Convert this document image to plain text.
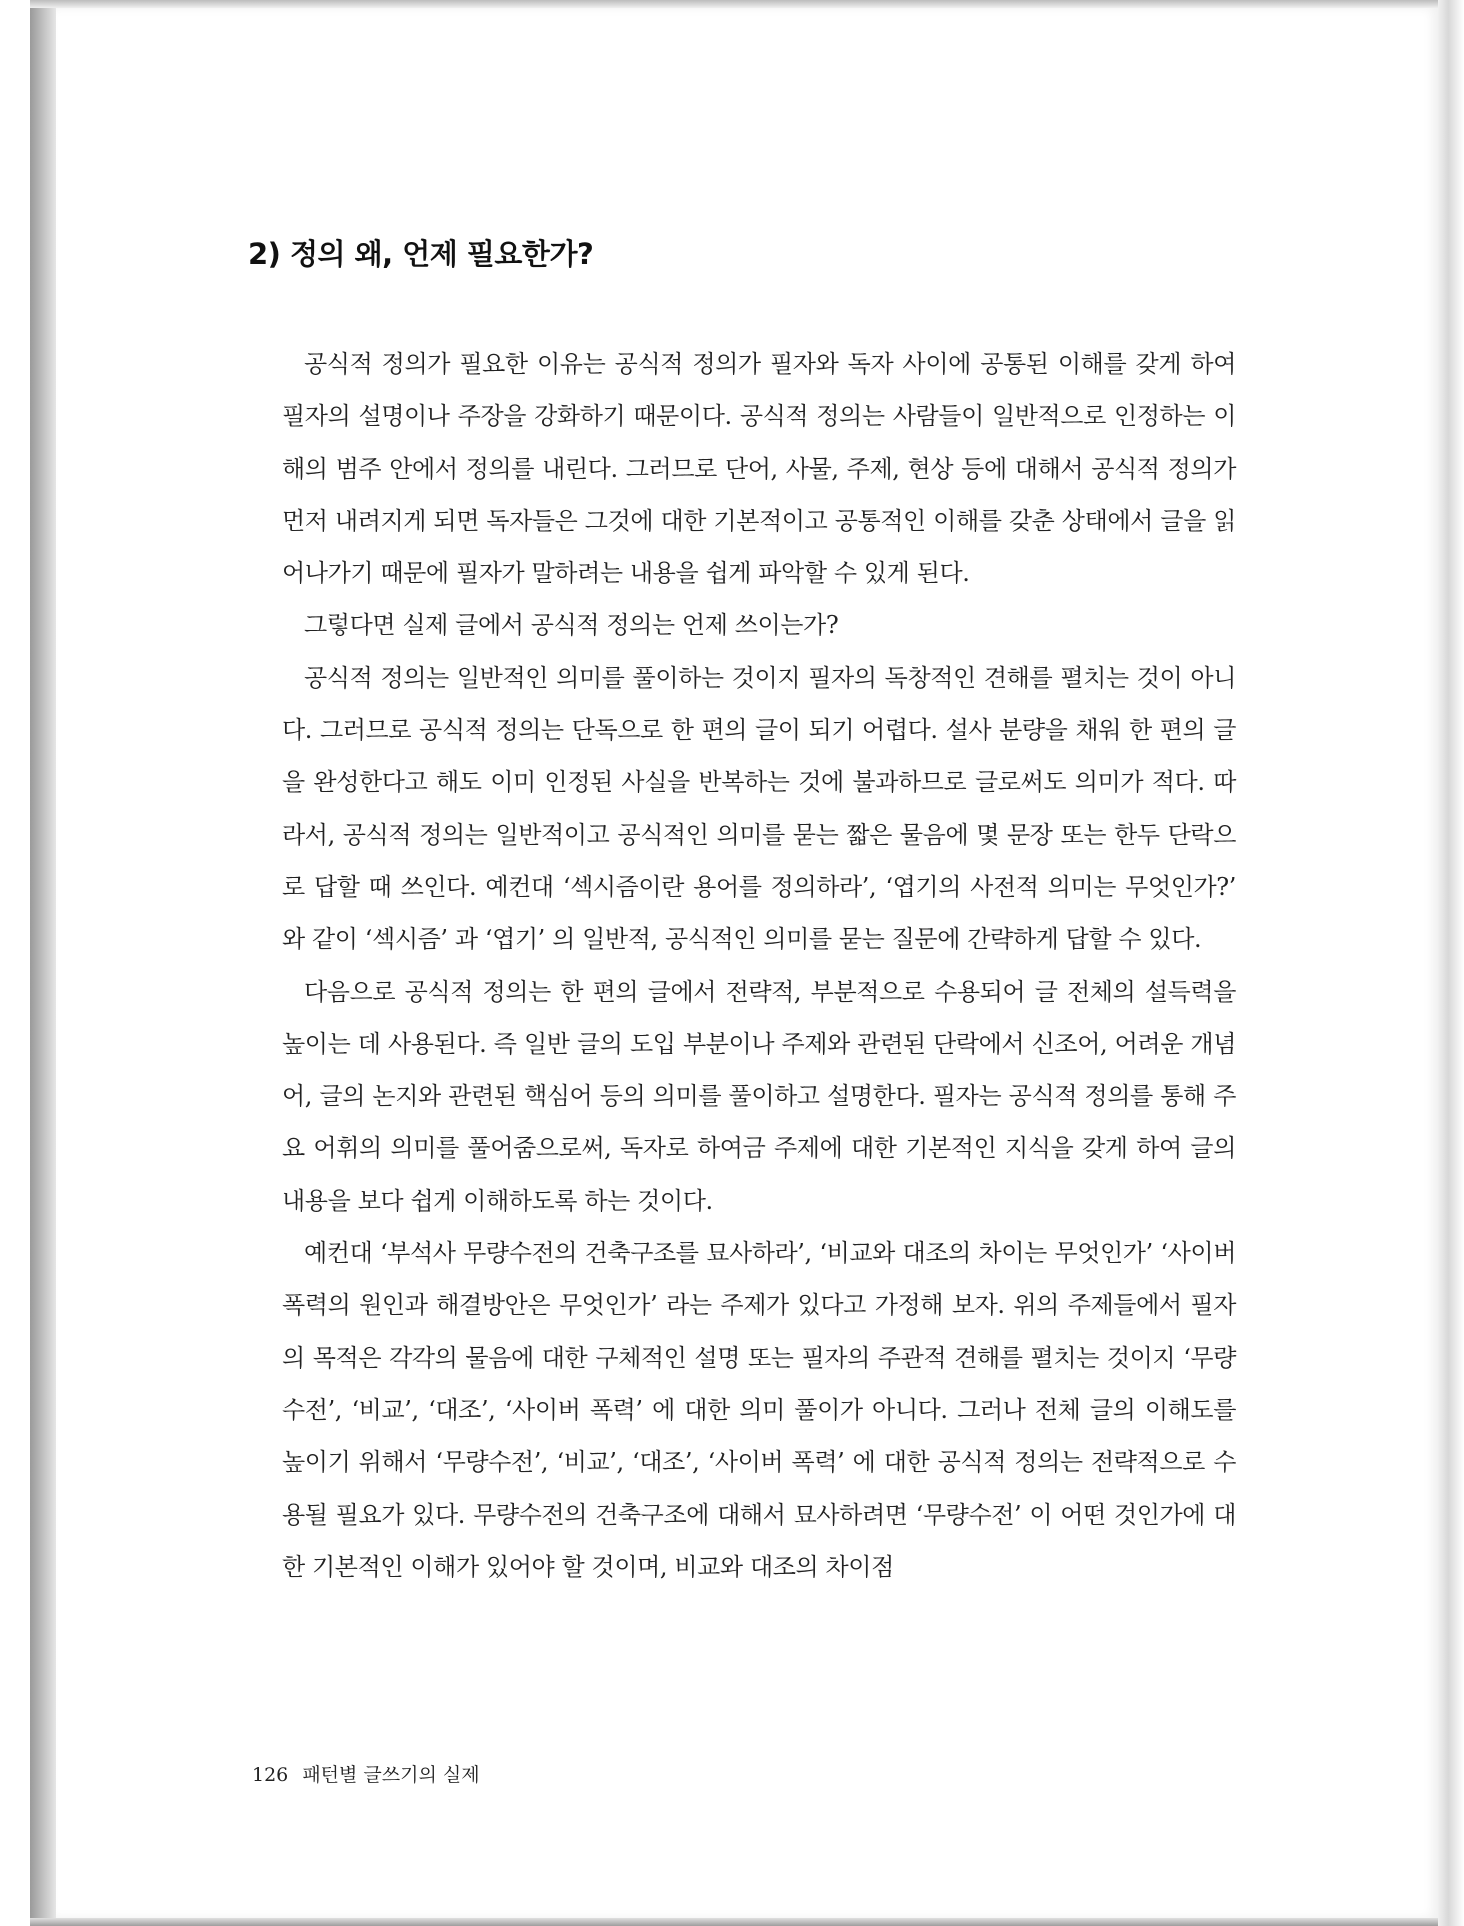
2) 정의 왜, 언제 필요한가?

공식적 정의가 필요한 이유는 공식적 정의가 필자와 독자 사이에 공통된 이해를 갖게 하여 필자의 설명이나 주장을 강화하기 때문이다. 공식적 정의는 사람들이 일반적으로 인정하는 이해의 범주 안에서 정의를 내린다. 그러므로 단어, 사물, 주제, 현상 등에 대해서 공식적 정의가 먼저 내려지게 되면 독자들은 그것에 대한 기본적이고 공통적인 이해를 갖춘 상태에서 글을 읽어나가기 때문에 필자가 말하려는 내용을 쉽게 파악할 수 있게 된다.

그렇다면 실제 글에서 공식적 정의는 언제 쓰이는가?

공식적 정의는 일반적인 의미를 풀이하는 것이지 필자의 독창적인 견해를 펼치는 것이 아니다. 그러므로 공식적 정의는 단독으로 한 편의 글이 되기 어렵다. 설사 분량을 채워 한 편의 글을 완성한다고 해도 이미 인정된 사실을 반복하는 것에 불과하므로 글로써도 의미가 적다. 따라서, 공식적 정의는 일반적이고 공식적인 의미를 묻는 짧은 물음에 몇 문장 또는 한두 단락으로 답할 때 쓰인다. 예컨대 ‘섹시즘이란 용어를 정의하라’, ‘엽기의 사전적 의미는 무엇인가?’ 와 같이 ‘섹시즘’ 과 ‘엽기’ 의 일반적, 공식적인 의미를 묻는 질문에 간략하게 답할 수 있다.

다음으로 공식적 정의는 한 편의 글에서 전략적, 부분적으로 수용되어 글 전체의 설득력을 높이는 데 사용된다. 즉 일반 글의 도입 부분이나 주제와 관련된 단락에서 신조어, 어려운 개념어, 글의 논지와 관련된 핵심어 등의 의미를 풀이하고 설명한다. 필자는 공식적 정의를 통해 주요 어휘의 의미를 풀어줌으로써, 독자로 하여금 주제에 대한 기본적인 지식을 갖게 하여 글의 내용을 보다 쉽게 이해하도록 하는 것이다.

예컨대 ‘부석사 무량수전의 건축구조를 묘사하라’, ‘비교와 대조의 차이는 무엇인가’ ‘사이버 폭력의 원인과 해결방안은 무엇인가’ 라는 주제가 있다고 가정해 보자. 위의 주제들에서 필자의 목적은 각각의 물음에 대한 구체적인 설명 또는 필자의 주관적 견해를 펼치는 것이지 ‘무량수전’, ‘비교’, ‘대조’, ‘사이버 폭력’ 에 대한 의미 풀이가 아니다. 그러나 전체 글의 이해도를 높이기 위해서 ‘무량수전’, ‘비교’, ‘대조’, ‘사이버 폭력’ 에 대한 공식적 정의는 전략적으로 수용될 필요가 있다. 무량수전의 건축구조에 대해서 묘사하려면 ‘무량수전’ 이 어떤 것인가에 대한 기본적인 이해가 있어야 할 것이며, 비교와 대조의 차이점

126 패턴별 글쓰기의 실제
